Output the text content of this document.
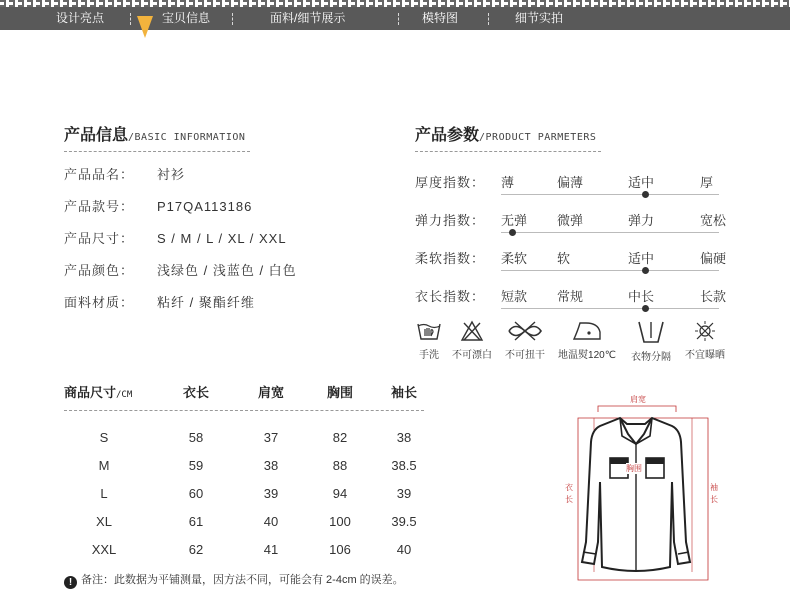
设计亮点	宝贝信息	面料/细节展示	模特图	细节实拍
产品信息/BASIC INFORMATION
产品品名： 衬衫
产品款号： P17QA113186
产品尺寸： S / M / L / XL / XXL
产品颜色： 浅绿色 / 浅蓝色 / 白色
面料材质： 粘纤 / 聚酯纤维
产品参数/PRODUCT PARMETERS
厚度指数： 薄	偏薄	适中	厚
弹力指数： 无弹 微弹	弹力	宽松
柔软指数： 柔软 软	适中	偏硬
衣长指数： 短款 常规	中长	长款
手洗	不可漂白	不可扭干	地温熨120℃	衣物分隔	不宜曝晒
商品尺寸/CM	衣长	肩宽	胸围	袖长
S	58	37	82	38
M	59	38	88	38.5
L	60	39	94	39
XL	61	40	100	39.5
XXL	62	41	106	40
肩宽
胸围
衣长
袖长
! 备注：此数据为平铺测量，因方法不同，可能会有 2-4cm 的误差。
